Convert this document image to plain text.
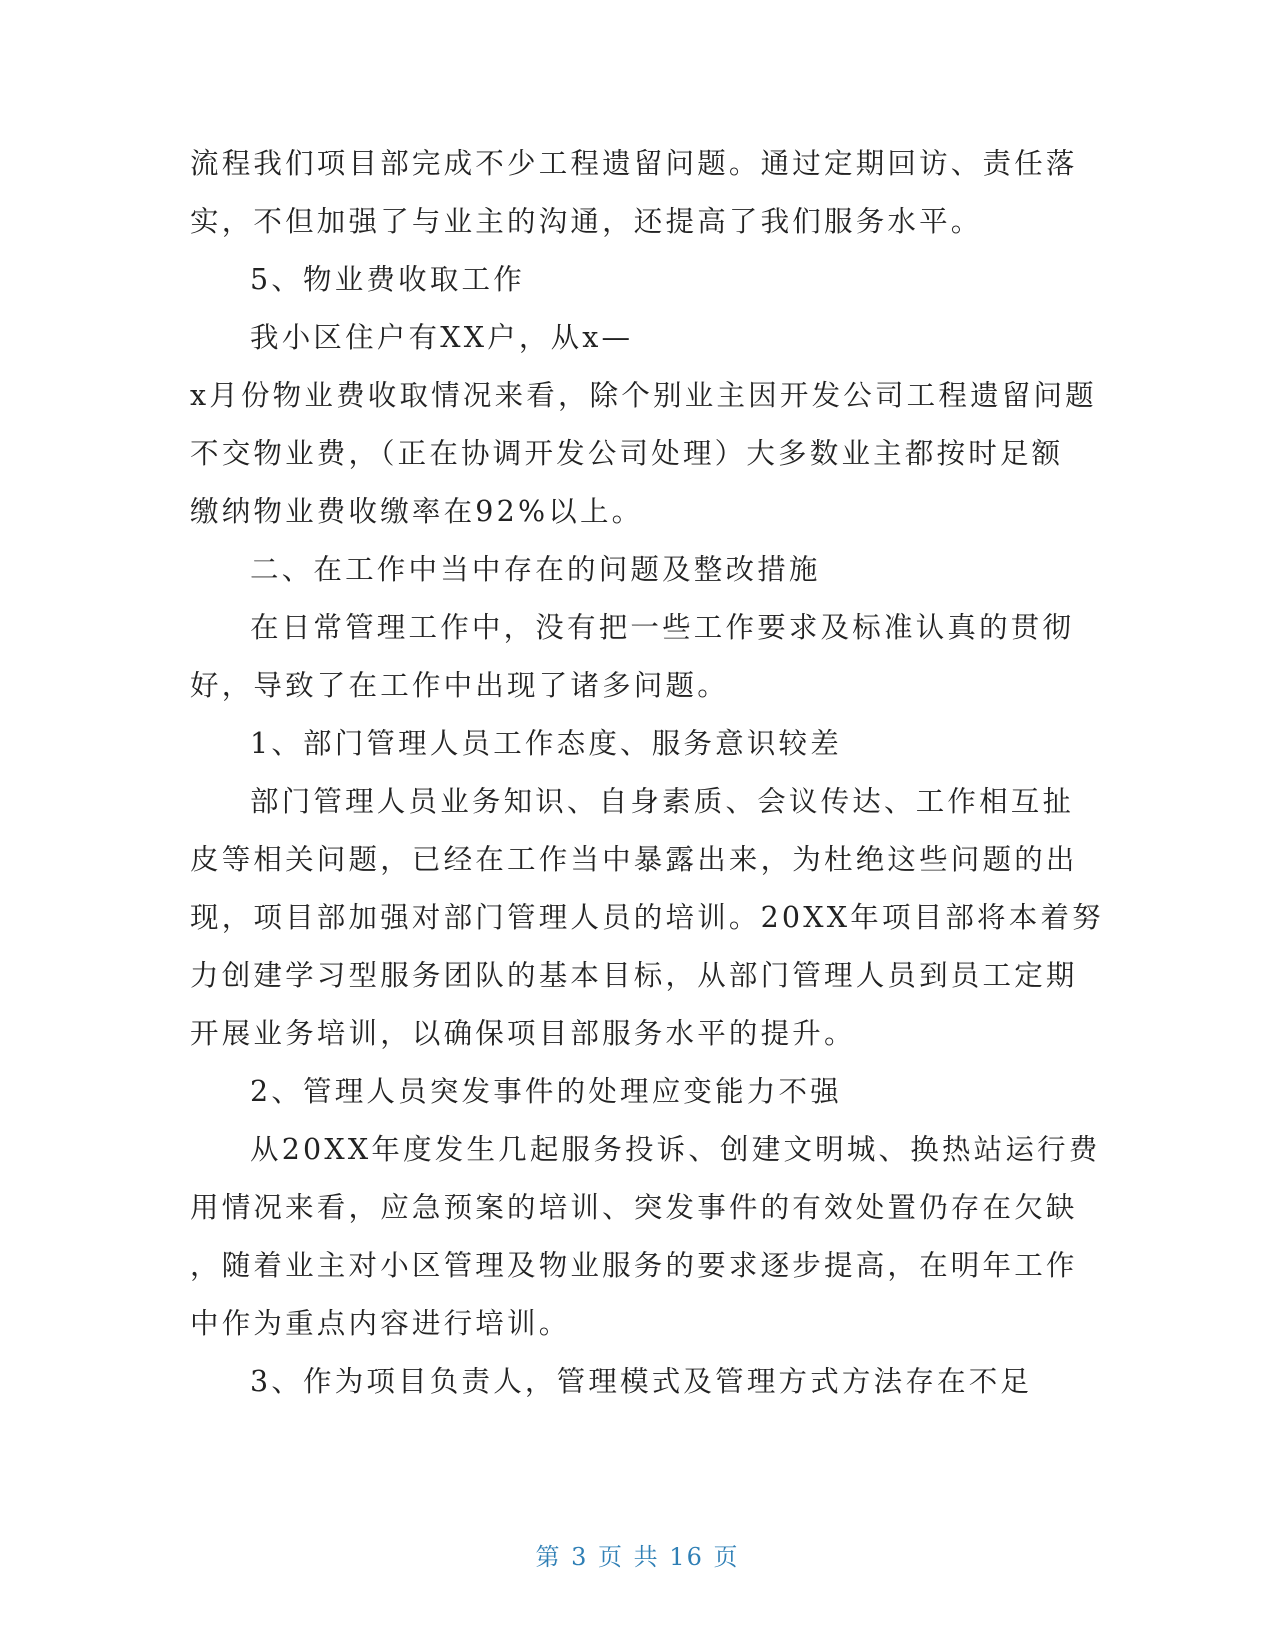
流程我们项目部完成不少工程遗留问题。通过定期回访、责任落
实，不但加强了与业主的沟通，还提高了我们服务水平。
5、物业费收取工作
我小区住户有XX户，从x—
x月份物业费收取情况来看，除个别业主因开发公司工程遗留问题
不交物业费，（正在协调开发公司处理）大多数业主都按时足额
缴纳物业费收缴率在92%以上。
二、在工作中当中存在的问题及整改措施
在日常管理工作中，没有把一些工作要求及标准认真的贯彻
好，导致了在工作中出现了诸多问题。
1、部门管理人员工作态度、服务意识较差
部门管理人员业务知识、自身素质、会议传达、工作相互扯
皮等相关问题，已经在工作当中暴露出来，为杜绝这些问题的出
现，项目部加强对部门管理人员的培训。20XX年项目部将本着努
力创建学习型服务团队的基本目标，从部门管理人员到员工定期
开展业务培训，以确保项目部服务水平的提升。
2、管理人员突发事件的处理应变能力不强
从20XX年度发生几起服务投诉、创建文明城、换热站运行费
用情况来看，应急预案的培训、突发事件的有效处置仍存在欠缺
，随着业主对小区管理及物业服务的要求逐步提高，在明年工作
中作为重点内容进行培训。
3、作为项目负责人，管理模式及管理方式方法存在不足
第 3 页 共 16 页
